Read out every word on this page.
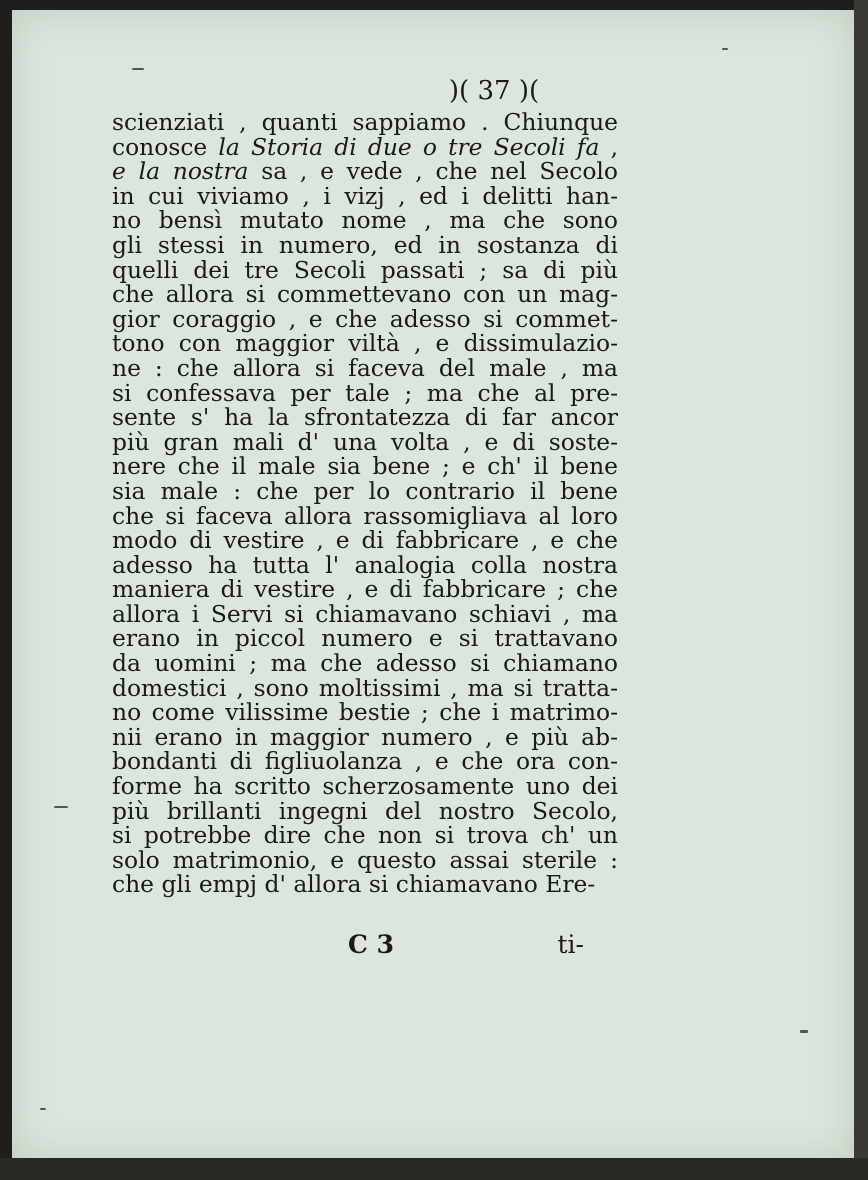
)( 37 )(
scienziati , quanti sappiamo . Chiunque
conosce la Storia di due o tre Secoli fa ,
e la nostra sa , e vede , che nel Secolo
in cui viviamo , i vizj , ed i delitti han-
no bensì mutato nome , ma che sono
gli stessi in numero, ed in sostanza di
quelli dei tre Secoli passati ; sa di più
che allora si commettevano con un mag-
gior coraggio , e che adesso si commet-
tono con maggior viltà , e dissimulazio-
ne : che allora si faceva del male , ma
si confessava per tale ; ma che al pre-
sente s' ha la sfrontatezza di far ancor
più gran mali d' una volta , e di soste-
nere che il male sia bene ; e ch' il bene
sia male : che per lo contrario il bene
che si faceva allora rassomigliava al loro
modo di vestire , e di fabbricare , e che
adesso ha tutta l' analogia colla nostra
maniera di vestire , e di fabbricare ; che
allora i Servi si chiamavano schiavi , ma
erano in piccol numero e si trattavano
da uomini ; ma che adesso si chiamano
domestici , sono moltissimi , ma si tratta-
no come vilissime bestie ; che i matrimo-
nii erano in maggior numero , e più ab-
bondanti di figliuolanza , e che ora con-
forme ha scritto scherzosamente uno dei
più brillanti ingegni del nostro Secolo,
si potrebbe dire che non si trova ch' un
solo matrimonio, e questo assai sterile :
che gli empj d' allora si chiamavano Ere-
C 3	ti-
